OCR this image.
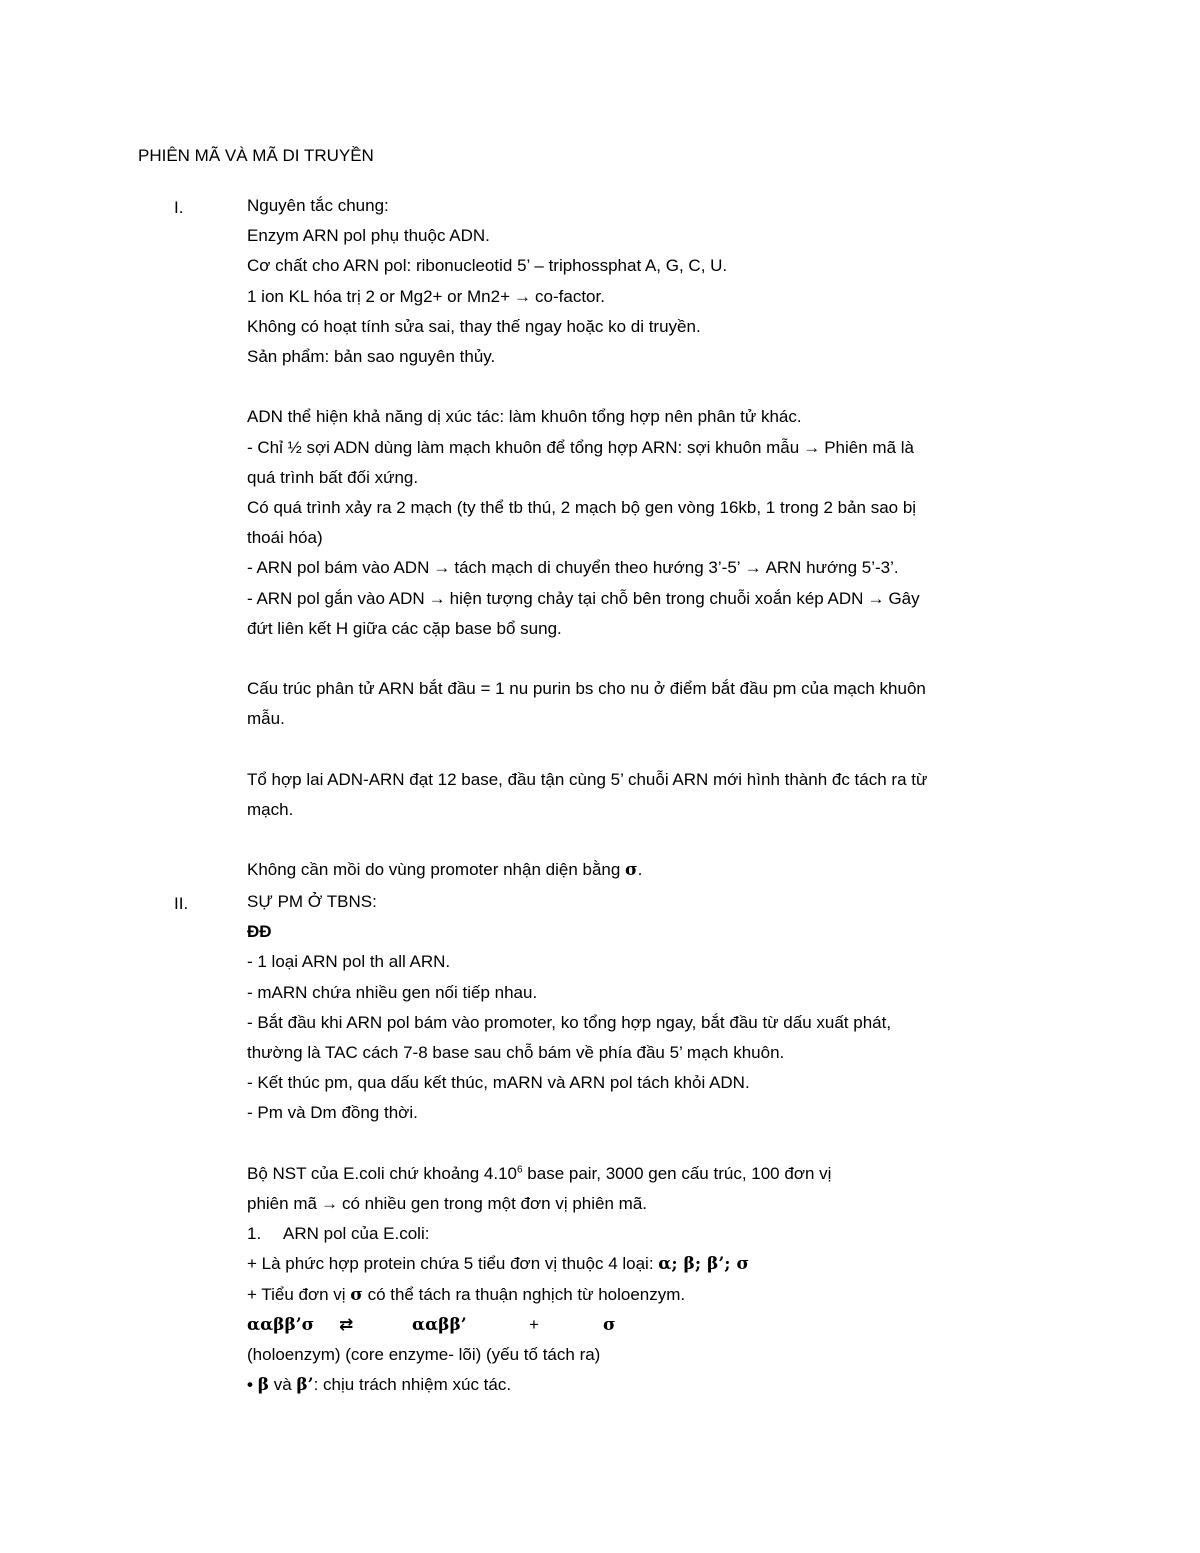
PHIÊN MÃ VÀ MÃ DI TRUYỀN
I.	Nguyên tắc chung:
Enzym ARN pol phụ thuộc ADN.
Cơ chất cho ARN pol: ribonucleotid 5’ – triphossphat A, G, C, U.
1 ion KL hóa trị 2 or Mg2+ or Mn2+ → co-factor.
Không có hoạt tính sửa sai, thay thế ngay hoặc ko di truyền.
Sản phẩm: bản sao nguyên thủy.
ADN thể hiện khả năng dị xúc tác: làm khuôn tổng hợp nên phân tử khác.
- Chỉ ½ sợi ADN dùng làm mạch khuôn để tổng hợp ARN: sợi khuôn mẫu → Phiên mã là
quá trình bất đối xứng.
Có quá trình xảy ra 2 mạch (ty thể tb thú, 2 mạch bộ gen vòng 16kb, 1 trong 2 bản sao bị
thoái hóa)
- ARN pol bám vào ADN → tách mạch di chuyển theo hướng 3’-5’ → ARN hướng 5’-3’.
- ARN pol gắn vào ADN → hiện tượng chảy tại chỗ bên trong chuỗi xoắn kép ADN → Gây
đứt liên kết H giữa các cặp base bổ sung.
Cấu trúc phân tử ARN bắt đầu = 1 nu purin bs cho nu ở điểm bắt đầu pm của mạch khuôn
mẫu.
Tổ hợp lai ADN-ARN đạt 12 base, đầu tận cùng 5’ chuỗi ARN mới hình thành đc tách ra từ
mạch.
Không cần mồi do vùng promoter nhận diện bằng σ.
II.	SỰ PM Ở TBNS:
ĐĐ
- 1 loại ARN pol th all ARN.
- mARN chứa nhiều gen nối tiếp nhau.
- Bắt đầu khi ARN pol bám vào promoter, ko tổng hợp ngay, bắt đầu từ dấu xuất phát,
thường là TAC cách 7-8 base sau chỗ bám về phía đầu 5’ mạch khuôn.
- Kết thúc pm, qua dấu kết thúc, mARN và ARN pol tách khỏi ADN.
- Pm và Dm đồng thời.
Bộ NST của E.coli chứ khoảng 4.10$^6$ base pair, 3000 gen cấu trúc, 100 đơn vị
phiên mã → có nhiều gen trong một đơn vị phiên mã.
1. ARN pol của E.coli:
+ Là phức hợp protein chứa 5 tiểu đơn vị thuộc 4 loại: α; β; β’; σ
+ Tiểu đơn vị σ có thể tách ra thuận nghịch từ holoenzym.
ααββ’σ ⇄	ααββ’	+	σ
(holoenzym) (core enzyme- lõi) (yếu tố tách ra)
• β và β’: chịu trách nhiệm xúc tác.
